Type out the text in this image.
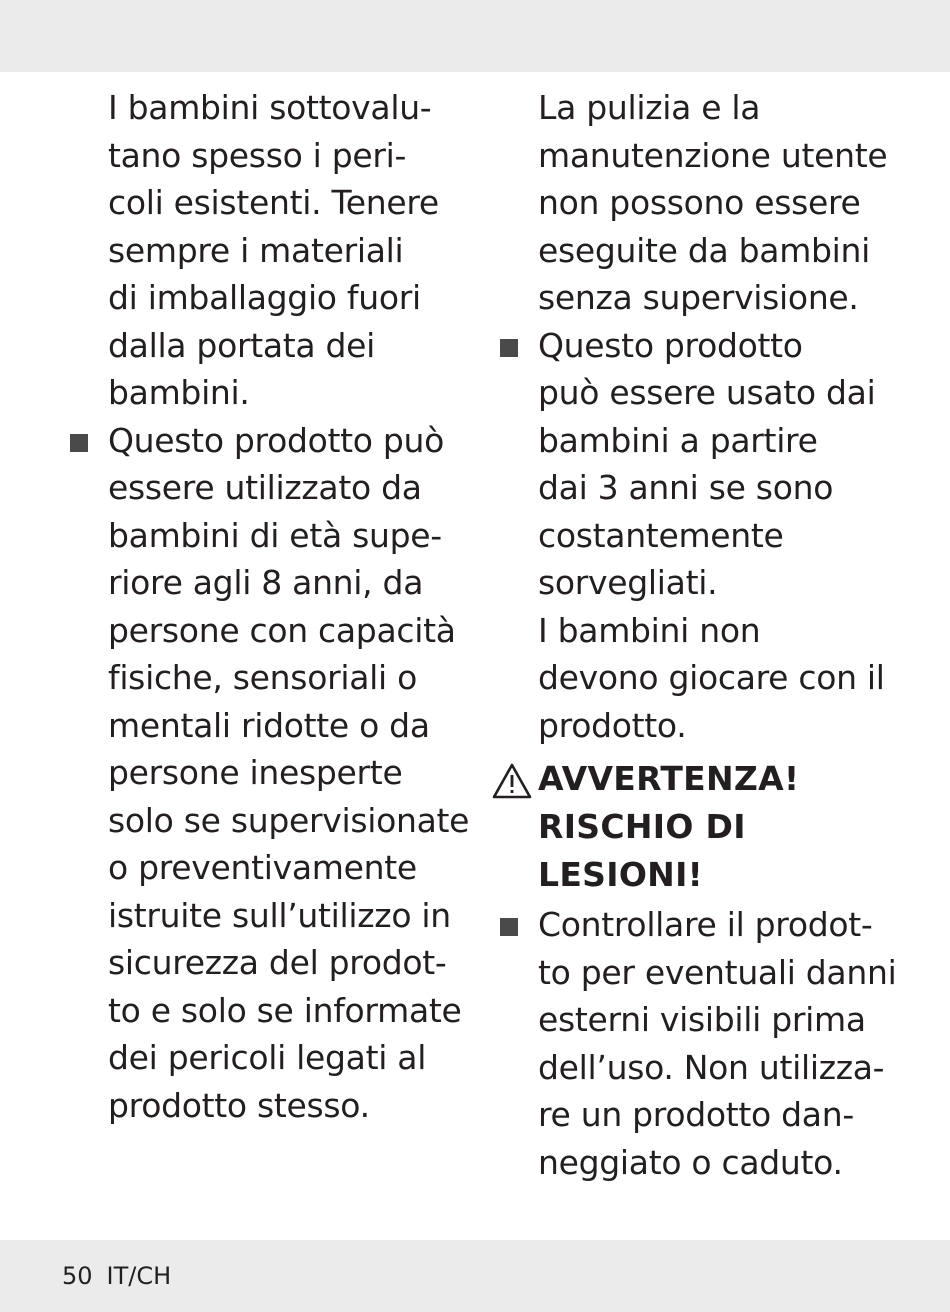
I bambini sottovalu-
tano spesso i peri-
coli esistenti. Tenere
sempre i materiali
di imballaggio fuori
dalla portata dei
bambini.
Questo prodotto può
essere utilizzato da
bambini di età supe-
riore agli 8 anni, da
persone con capacità
fisiche, sensoriali o
mentali ridotte o da
persone inesperte
solo se supervisionate
o preventivamente
istruite sull’utilizzo in
sicurezza del prodot-
to e solo se informate
dei pericoli legati al
prodotto stesso.
La pulizia e la
manutenzione utente
non possono essere
eseguite da bambini
senza supervisione.
Questo prodotto
può essere usato dai
bambini a partire
dai 3 anni se sono
costantemente
sorvegliati.
I bambini non
devono giocare con il
prodotto.
AVVERTENZA!
RISCHIO DI
LESIONI!
Controllare il prodot-
to per eventuali danni
esterni visibili prima
dell’uso. Non utilizza-
re un prodotto dan-
neggiato o caduto.
50 IT/CH
